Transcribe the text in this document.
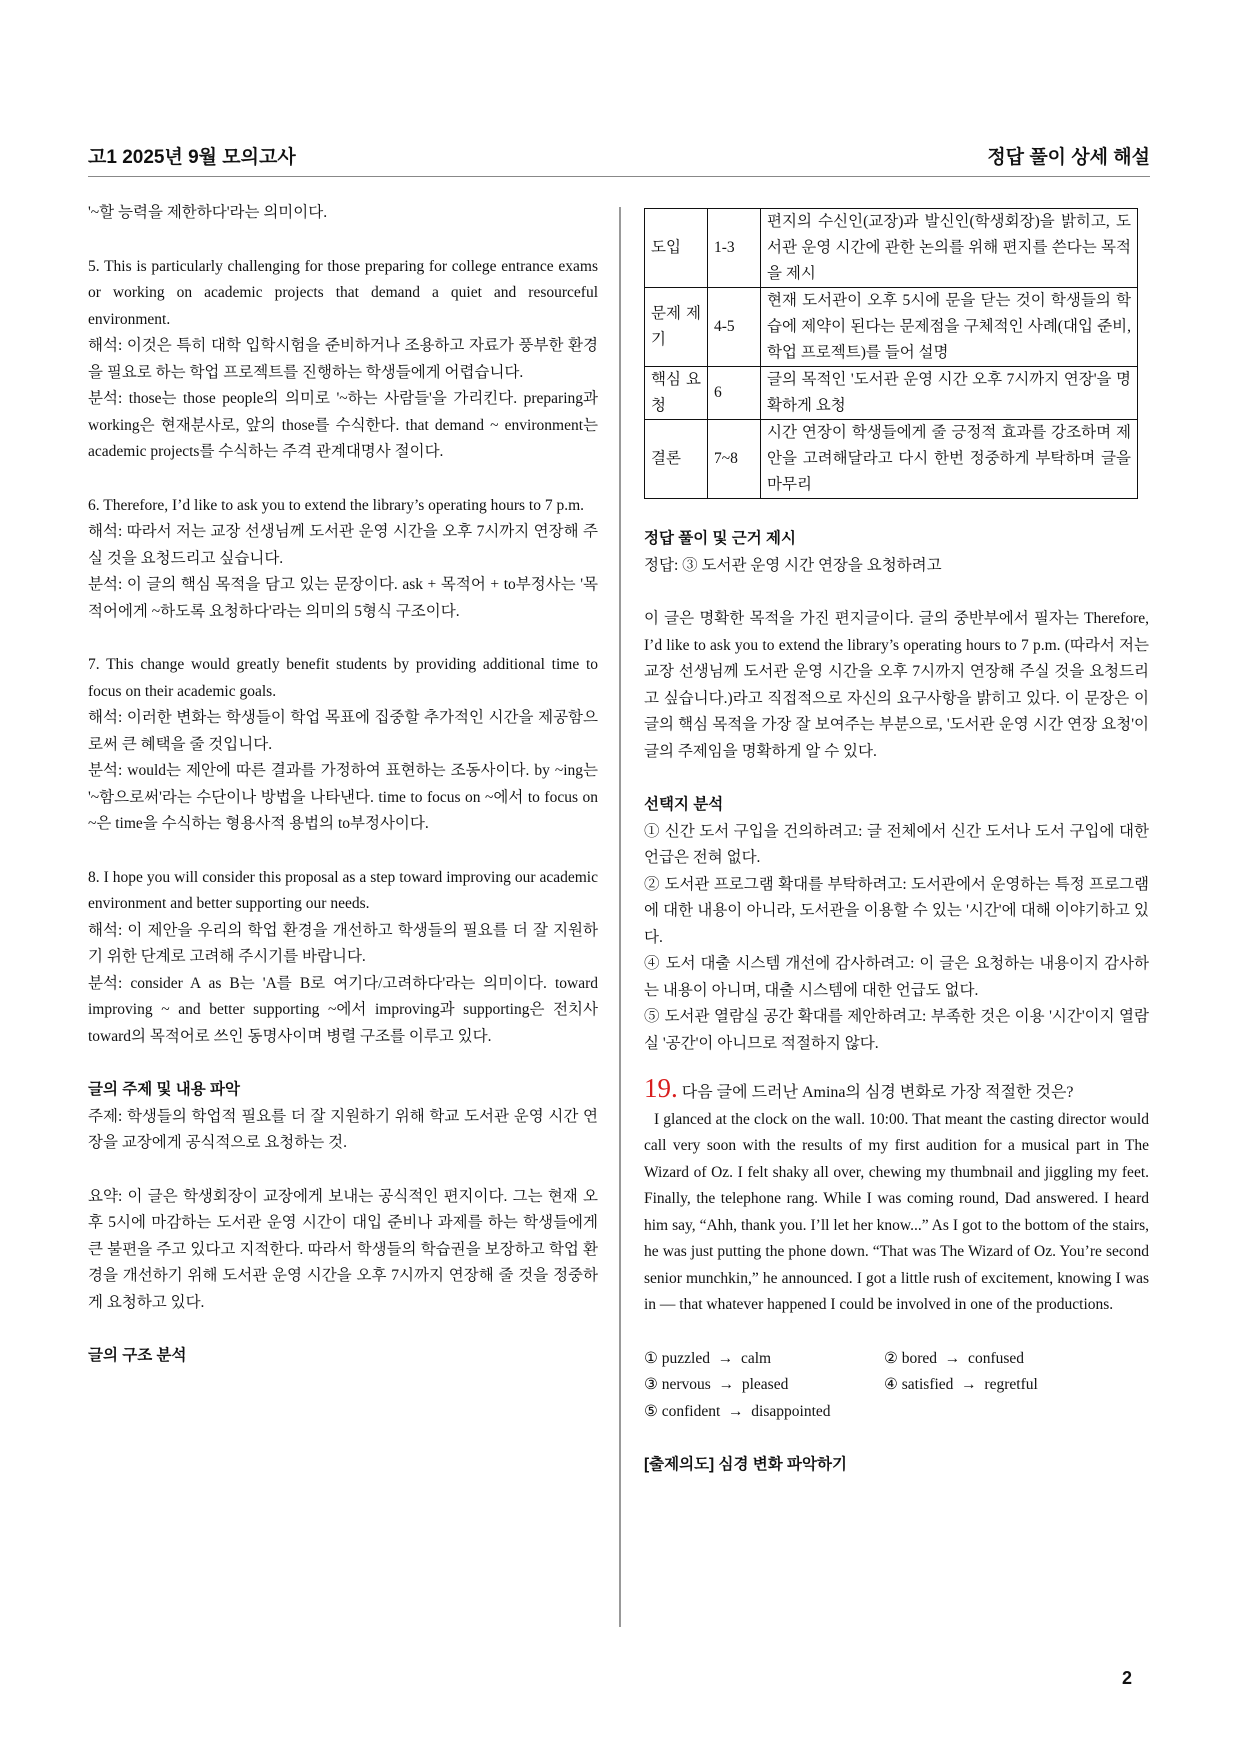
고1 2025년 9월 모의고사	정답 풀이 상세 해설

'~할 능력을 제한하다'라는 의미이다.

5. This is particularly challenging for those preparing for college entrance exams or working on academic projects that demand a quiet and resourceful environment.

해석: 이것은 특히 대학 입학시험을 준비하거나 조용하고 자료가 풍부한 환경을 필요로 하는 학업 프로젝트를 진행하는 학생들에게 어렵습니다.

분석: those는 those people의 의미로 '~하는 사람들'을 가리킨다. preparing과 working은 현재분사로, 앞의 those를 수식한다. that demand ~ environment는 academic projects를 수식하는 주격 관계대명사 절이다.

6. Therefore, I’d like to ask you to extend the library’s operating hours to 7 p.m.

해석: 따라서 저는 교장 선생님께 도서관 운영 시간을 오후 7시까지 연장해 주실 것을 요청드리고 싶습니다.

분석: 이 글의 핵심 목적을 담고 있는 문장이다. ask + 목적어 + to부정사는 '목적어에게 ~하도록 요청하다'라는 의미의 5형식 구조이다.

7. This change would greatly benefit students by providing additional time to focus on their academic goals.

해석: 이러한 변화는 학생들이 학업 목표에 집중할 추가적인 시간을 제공함으로써 큰 혜택을 줄 것입니다.

분석: would는 제안에 따른 결과를 가정하여 표현하는 조동사이다. by ~ing는 '~함으로써'라는 수단이나 방법을 나타낸다. time to focus on ~에서 to focus on ~은 time을 수식하는 형용사적 용법의 to부정사이다.

8. I hope you will consider this proposal as a step toward improving our academic environment and better supporting our needs.

해석: 이 제안을 우리의 학업 환경을 개선하고 학생들의 필요를 더 잘 지원하기 위한 단계로 고려해 주시기를 바랍니다.

분석: consider A as B는 'A를 B로 여기다/고려하다'라는 의미이다. toward improving ~ and better supporting ~에서 improving과 supporting은 전치사 toward의 목적어로 쓰인 동명사이며 병렬 구조를 이루고 있다.

글의 주제 및 내용 파악

주제: 학생들의 학업적 필요를 더 잘 지원하기 위해 학교 도서관 운영 시간 연장을 교장에게 공식적으로 요청하는 것.

요약: 이 글은 학생회장이 교장에게 보내는 공식적인 편지이다. 그는 현재 오후 5시에 마감하는 도서관 운영 시간이 대입 준비나 과제를 하는 학생들에게 큰 불편을 주고 있다고 지적한다. 따라서 학생들의 학습권을 보장하고 학업 환경을 개선하기 위해 도서관 운영 시간을 오후 7시까지 연장해 줄 것을 정중하게 요청하고 있다.

글의 구조 분석

도입	1-3	편지의 수신인(교장)과 발신인(학생회장)을 밝히고, 도서관 운영 시간에 관한 논의를 위해 편지를 쓴다는 목적을 제시
문제 제기	4-5	현재 도서관이 오후 5시에 문을 닫는 것이 학생들의 학습에 제약이 된다는 문제점을 구체적인 사례(대입 준비, 학업 프로젝트)를 들어 설명
핵심 요청	6	글의 목적인 '도서관 운영 시간 오후 7시까지 연장'을 명확하게 요청
결론	7~8	시간 연장이 학생들에게 줄 긍정적 효과를 강조하며 제안을 고려해달라고 다시 한번 정중하게 부탁하며 글을 마무리

정답 풀이 및 근거 제시

정답: ③ 도서관 운영 시간 연장을 요청하려고

이 글은 명확한 목적을 가진 편지글이다. 글의 중반부에서 필자는 Therefore, I’d like to ask you to extend the library’s operating hours to 7 p.m. (따라서 저는 교장 선생님께 도서관 운영 시간을 오후 7시까지 연장해 주실 것을 요청드리고 싶습니다.)라고 직접적으로 자신의 요구사항을 밝히고 있다. 이 문장은 이 글의 핵심 목적을 가장 잘 보여주는 부분으로, '도서관 운영 시간 연장 요청'이 글의 주제임을 명확하게 알 수 있다.

선택지 분석

① 신간 도서 구입을 건의하려고: 글 전체에서 신간 도서나 도서 구입에 대한 언급은 전혀 없다.

② 도서관 프로그램 확대를 부탁하려고: 도서관에서 운영하는 특정 프로그램에 대한 내용이 아니라, 도서관을 이용할 수 있는 '시간'에 대해 이야기하고 있다.

④ 도서 대출 시스템 개선에 감사하려고: 이 글은 요청하는 내용이지 감사하는 내용이 아니며, 대출 시스템에 대한 언급도 없다.

⑤ 도서관 열람실 공간 확대를 제안하려고: 부족한 것은 이용 '시간'이지 열람실 '공간'이 아니므로 적절하지 않다.

19. 다음 글에 드러난 Amina의 심경 변화로 가장 적절한 것은?

I glanced at the clock on the wall. 10:00. That meant the casting director would call very soon with the results of my first audition for a musical part in The Wizard of Oz. I felt shaky all over, chewing my thumbnail and jiggling my feet. Finally, the telephone rang. While I was coming round, Dad answered. I heard him say, “Ahh, thank you. I’ll let her know...” As I got to the bottom of the stairs, he was just putting the phone down. “That was The Wizard of Oz. You’re second senior munchkin,” he announced. I got a little rush of excitement, knowing I was in — that whatever happened I could be involved in one of the productions.

① puzzled  →  calm	② bored  →  confused
③ nervous  →  pleased	④ satisfied  →  regretful
⑤ confident  →  disappointed

[출제의도] 심경 변화 파악하기

2
